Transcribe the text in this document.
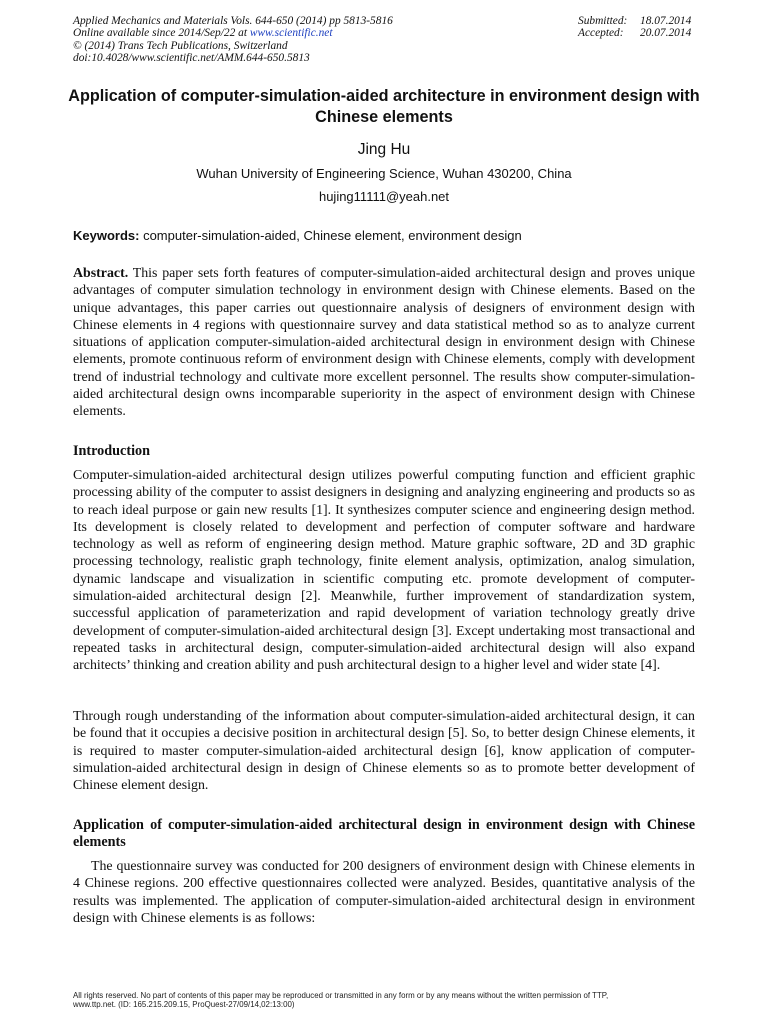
Applied Mechanics and Materials Vols. 644-650 (2014) pp 5813-5816
Online available since 2014/Sep/22 at www.scientific.net
© (2014) Trans Tech Publications, Switzerland
doi:10.4028/www.scientific.net/AMM.644-650.5813
Submitted: 18.07.2014
Accepted: 20.07.2014
Application of computer-simulation-aided architecture in environment design with Chinese elements
Jing Hu
Wuhan University of Engineering Science, Wuhan 430200, China
hujing11111@yeah.net
Keywords: computer-simulation-aided, Chinese element, environment design

Abstract. This paper sets forth features of computer-simulation-aided architectural design and proves unique advantages of computer simulation technology in environment design with Chinese elements. Based on the unique advantages, this paper carries out questionnaire analysis of designers of environment design with Chinese elements in 4 regions with questionnaire survey and data statistical method so as to analyze current situations of application computer-simulation-aided architectural design in environment design with Chinese elements, promote continuous reform of environment design with Chinese elements, comply with development trend of industrial technology and cultivate more excellent personnel. The results show computer-simulation-aided architectural design owns incomparable superiority in the aspect of environment design with Chinese elements.

Introduction

Computer-simulation-aided architectural design utilizes powerful computing function and efficient graphic processing ability of the computer to assist designers in designing and analyzing engineering and products so as to reach ideal purpose or gain new results [1]. It synthesizes computer science and engineering design method. Its development is closely related to development and perfection of computer software and hardware technology as well as reform of engineering design method. Mature graphic software, 2D and 3D graphic processing technology, realistic graph technology, finite element analysis, optimization, analog simulation, dynamic landscape and visualization in scientific computing etc. promote development of computer-simulation-aided architectural design [2]. Meanwhile, further improvement of standardization system, successful application of parameterization and rapid development of variation technology greatly drive development of computer-simulation-aided architectural design [3]. Except undertaking most transactional and repeated tasks in architectural design, computer-simulation-aided architectural design will also expand architects’ thinking and creation ability and push architectural design to a higher level and wider state [4].

Through rough understanding of the information about computer-simulation-aided architectural design, it can be found that it occupies a decisive position in architectural design [5]. So, to better design Chinese elements, it is required to master computer-simulation-aided architectural design [6], know application of computer-simulation-aided architectural design in design of Chinese elements so as to promote better development of Chinese element design.

Application of computer-simulation-aided architectural design in environment design with Chinese elements

The questionnaire survey was conducted for 200 designers of environment design with Chinese elements in 4 Chinese regions. 200 effective questionnaires collected were analyzed. Besides, quantitative analysis of the results was implemented. The application of computer-simulation-aided architectural design in environment design with Chinese elements is as follows:

All rights reserved. No part of contents of this paper may be reproduced or transmitted in any form or by any means without the written permission of TTP,
www.ttp.net. (ID: 165.215.209.15, ProQuest-27/09/14,02:13:00)
